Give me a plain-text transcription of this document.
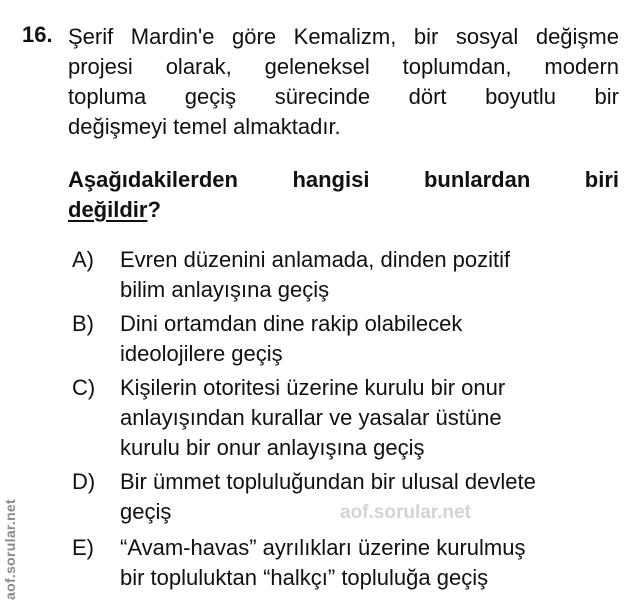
aof.sorular.net
aof.sorular.net
16. Şerif Mardin'e göre Kemalizm, bir sosyal değişme
projesi olarak, geleneksel toplumdan, modern
topluma geçiş sürecinde dört boyutlu bir
değişmeyi temel almaktadır.
Aşağıdakilerden hangisi bunlardan biri
değildir?
A) Evren düzenini anlamada, dinden pozitif
bilim anlayışına geçiş
B) Dini ortamdan dine rakip olabilecek
ideolojilere geçiş
C) Kişilerin otoritesi üzerine kurulu bir onur
anlayışından kurallar ve yasalar üstüne
kurulu bir onur anlayışına geçiş
D) Bir ümmet topluluğundan bir ulusal devlete
geçiş
E) “Avam-havas” ayrılıkları üzerine kurulmuş
bir topluluktan “halkçı” topluluğa geçiş
